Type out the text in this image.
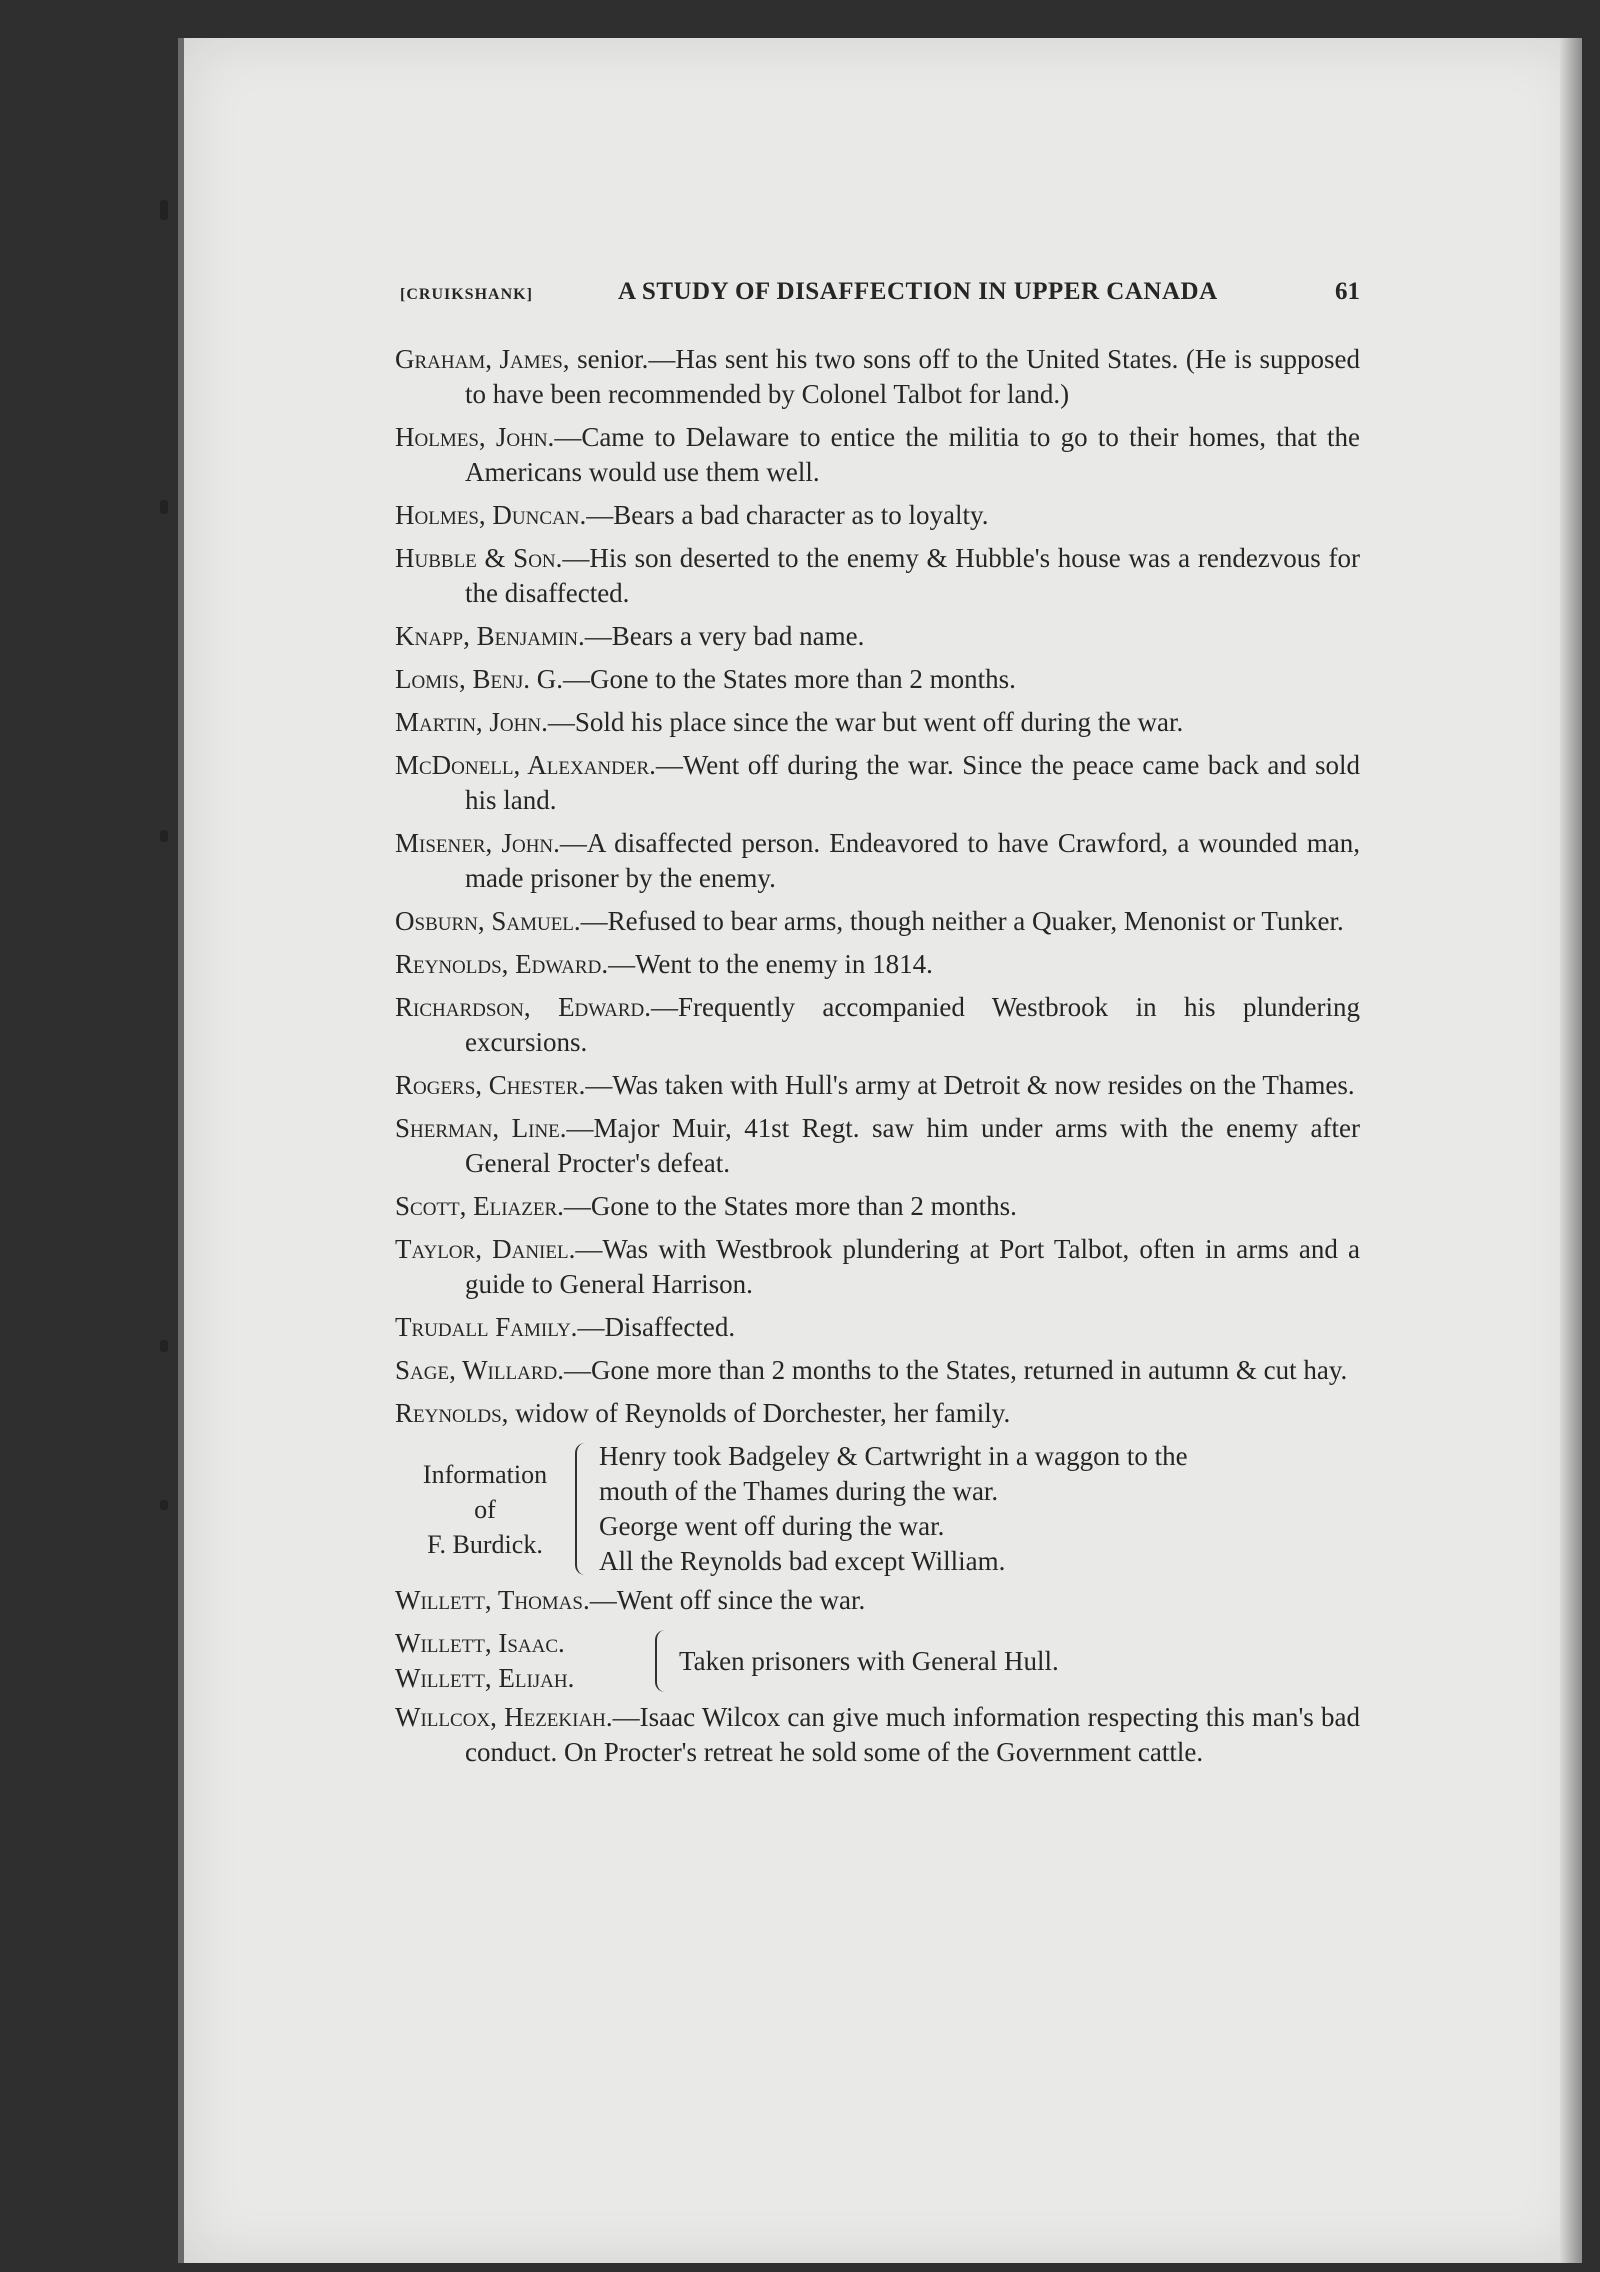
[CRUIKSHANK]	A STUDY OF DISAFFECTION IN UPPER CANADA	61

Graham, James, senior.—Has sent his two sons off to the United States. (He is supposed to have been recommended by Colonel Talbot for land.)

Holmes, John.—Came to Delaware to entice the militia to go to their homes, that the Americans would use them well.

Holmes, Duncan.—Bears a bad character as to loyalty.

Hubble & Son.—His son deserted to the enemy & Hubble's house was a rendezvous for the disaffected.

Knapp, Benjamin.—Bears a very bad name.

Lomis, Benj. G.—Gone to the States more than 2 months.

Martin, John.—Sold his place since the war but went off during the war.

McDonell, Alexander.—Went off during the war. Since the peace came back and sold his land.

Misener, John.—A disaffected person. Endeavored to have Crawford, a wounded man, made prisoner by the enemy.

Osburn, Samuel.—Refused to bear arms, though neither a Quaker, Menonist or Tunker.

Reynolds, Edward.—Went to the enemy in 1814.

Richardson, Edward.—Frequently accompanied Westbrook in his plundering excursions.

Rogers, Chester.—Was taken with Hull's army at Detroit & now resides on the Thames.

Sherman, Line.—Major Muir, 41st Regt. saw him under arms with the enemy after General Procter's defeat.

Scott, Eliazer.—Gone to the States more than 2 months.

Taylor, Daniel.—Was with Westbrook plundering at Port Talbot, often in arms and a guide to General Harrison.

Trudall Family.—Disaffected.

Sage, Willard.—Gone more than 2 months to the States, returned in autumn & cut hay.

Reynolds, widow of Reynolds of Dorchester, her family.

Information
of
F. Burdick.
Henry took Badgeley & Cartwright in a waggon to the
mouth of the Thames during the war.
George went off during the war.
All the Reynolds bad except William.

Willett, Thomas.—Went off since the war.

Willett, Isaac.
Willett, Elijah.
Taken prisoners with General Hull.

Willcox, Hezekiah.—Isaac Wilcox can give much information respecting this man's bad conduct. On Procter's retreat he sold some of the Government cattle.
